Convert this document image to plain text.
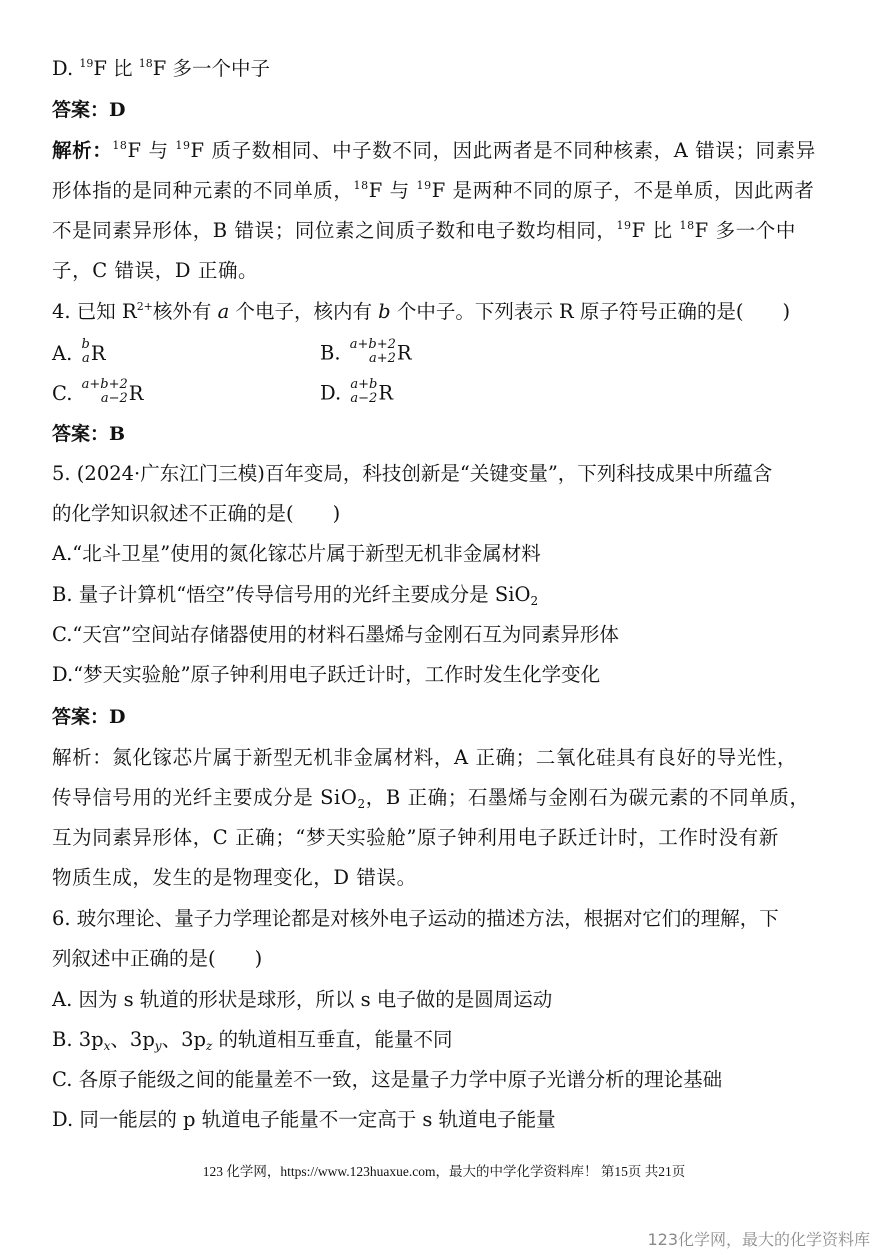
D. $^{19}$F 比 $^{18}$F 多一个中子
答案：D
解析：$^{18}$F 与 $^{19}$F 质子数相同、中子数不同，因此两者是不同种核素，A 错误；同素异
形体指的是同种元素的不同单质，$^{18}$F 与 $^{19}$F 是两种不同的原子，不是单质，因此两者
不是同素异形体，B 错误；同位素之间质子数和电子数均相同，$^{19}$F 比 $^{18}$F 多一个中
子，C 错误，D 正确。
4. 已知 $R^{2+}$核外有 a 个电子，核内有 b 个中子。下列表示 R 原子符号正确的是(　　)
A. b
a R	B. a+b+2
a+2 R
C. a+b+2
a−2 R	D. a+b
a−2 R
答案：B
5. (2024·广东江门三模)百年变局，科技创新是“关键变量”，下列科技成果中所蕴含
的化学知识叙述不正确的是(　　)
A.“北斗卫星”使用的氮化镓芯片属于新型无机非金属材料
B. 量子计算机“悟空”传导信号用的光纤主要成分是 SiO$_2$
C.“天宫”空间站存储器使用的材料石墨烯与金刚石互为同素异形体
D.“梦天实验舱”原子钟利用电子跃迁计时，工作时发生化学变化
答案：D
解析：氮化镓芯片属于新型无机非金属材料，A 正确；二氧化硅具有良好的导光性，
传导信号用的光纤主要成分是 SiO$_2$，B 正确；石墨烯与金刚石为碳元素的不同单质，
互为同素异形体，C 正确；“梦天实验舱”原子钟利用电子跃迁计时，工作时没有新
物质生成，发生的是物理变化，D 错误。
6. 玻尔理论、量子力学理论都是对核外电子运动的描述方法，根据对它们的理解，下
列叙述中正确的是(　　)
A. 因为 s 轨道的形状是球形，所以 s 电子做的是圆周运动
B. $3p_x$、$3p_y$、$3p_z$ 的轨道相互垂直，能量不同
C. 各原子能级之间的能量差不一致，这是量子力学中原子光谱分析的理论基础
D. 同一能层的 p 轨道电子能量不一定高于 s 轨道电子能量
123 化学网，https://www.123huaxue.com，最大的中学化学资料库！ 第15页 共21页
123化学网，最大的化学资料库
